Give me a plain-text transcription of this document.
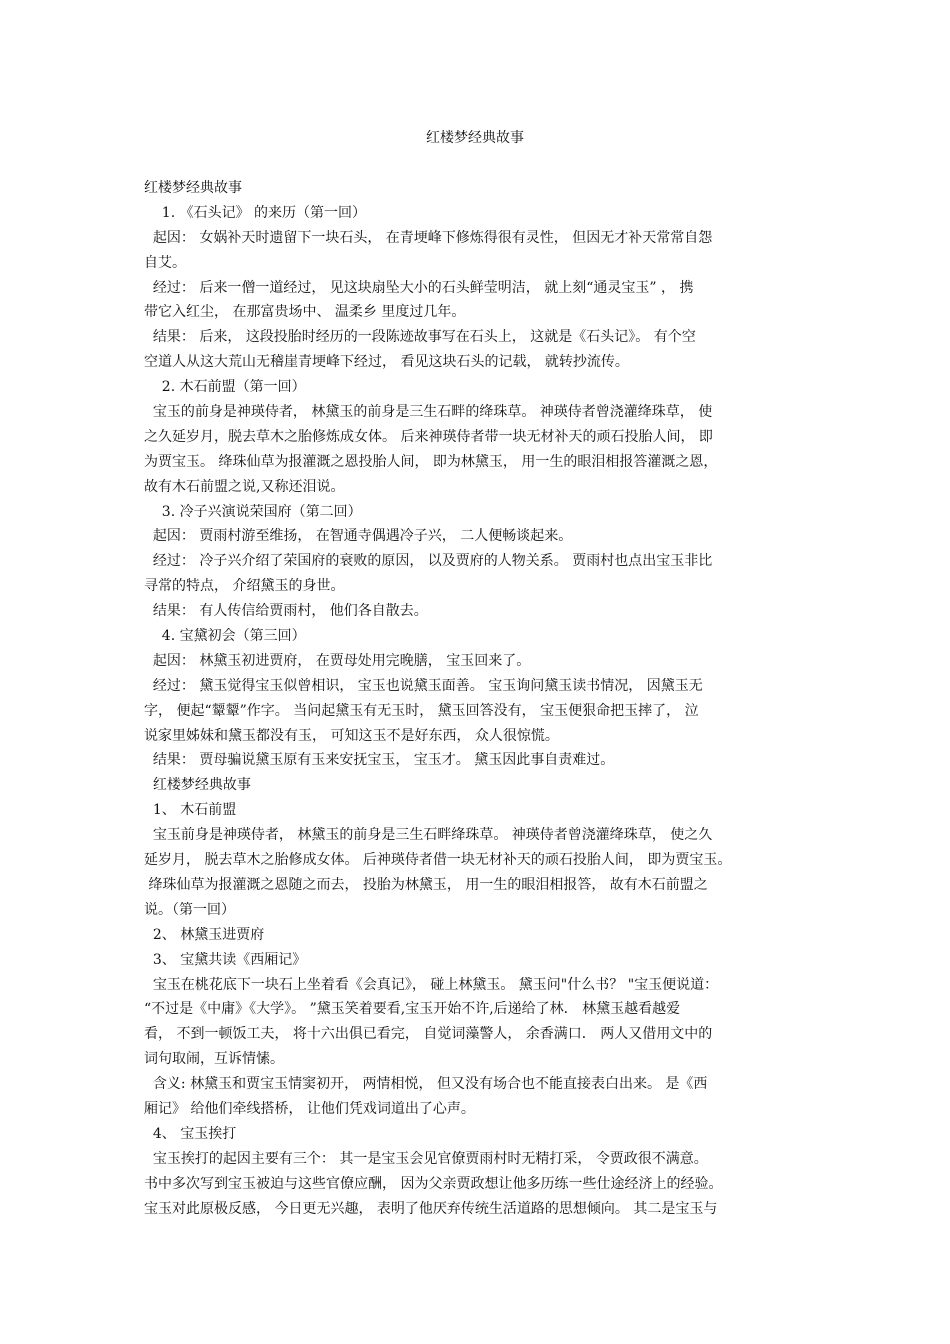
红楼梦经典故事
红楼梦经典故事
1. 《石头记》 的来历（第一回）
起因： 女娲补天时遗留下一块石头， 在青埂峰下修炼得很有灵性， 但因无才补天常常自怨
自艾。
经过： 后来一僧一道经过， 见这块扇坠大小的石头鲜莹明洁， 就上刻“通灵宝玉” ， 携
带它入红尘， 在那富贵场中、 温柔乡 里度过几年。
结果： 后来， 这段投胎时经历的一段陈迹故事写在石头上， 这就是《石头记》。 有个空
空道人从这大荒山无稽崖青埂峰下经过， 看见这块石头的记载， 就转抄流传。
2. 木石前盟（第一回）
宝玉的前身是神瑛侍者， 林黛玉的前身是三生石畔的绛珠草。 神瑛侍者曾浇灌绛珠草， 使
之久延岁月，脱去草木之胎修炼成女体。 后来神瑛侍者带一块无材补天的顽石投胎人间， 即
为贾宝玉。 绛珠仙草为报灌溉之恩投胎人间， 即为林黛玉， 用一生的眼泪相报答灌溉之恩，
故有木石前盟之说,又称还泪说。
3. 冷子兴演说荣国府（第二回）
起因： 贾雨村游至维扬， 在智通寺偶遇冷子兴， 二人便畅谈起来。
经过： 冷子兴介绍了荣国府的衰败的原因， 以及贾府的人物关系。 贾雨村也点出宝玉非比
寻常的特点， 介绍黛玉的身世。
结果： 有人传信给贾雨村， 他们各自散去。
4. 宝黛初会（第三回）
起因： 林黛玉初进贾府， 在贾母处用完晚膳， 宝玉回来了。
经过： 黛玉觉得宝玉似曾相识， 宝玉也说黛玉面善。 宝玉询问黛玉读书情况， 因黛玉无
字， 便起“颦颦”作字。 当问起黛玉有无玉时， 黛玉回答没有， 宝玉便狠命把玉摔了， 泣
说家里姊妹和黛玉都没有玉， 可知这玉不是好东西， 众人很惊慌。
结果： 贾母骗说黛玉原有玉来安抚宝玉， 宝玉才。 黛玉因此事自责难过。
红楼梦经典故事
1、 木石前盟
宝玉前身是神瑛侍者， 林黛玉的前身是三生石畔绛珠草。 神瑛侍者曾浇灌绛珠草， 使之久
延岁月， 脱去草木之胎修成女体。 后神瑛侍者借一块无材补天的顽石投胎人间， 即为贾宝玉。
绛珠仙草为报灌溉之恩随之而去， 投胎为林黛玉， 用一生的眼泪相报答， 故有木石前盟之
说。（第一回）
2、 林黛玉进贾府
3、 宝黛共读《西厢记》
宝玉在桃花底下一块石上坐着看《会真记》， 碰上林黛玉。 黛玉问"什么书？ "宝玉便说道：
“不过是《中庸》《大学》。 ”黛玉笑着要看,宝玉开始不许,后递给了林． 林黛玉越看越爱
看， 不到一顿饭工夫， 将十六出俱已看完， 自觉词藻警人， 余香满口． 两人又借用文中的
词句取闹，互诉情愫。
含义: 林黛玉和贾宝玉情窦初开， 两情相悦， 但又没有场合也不能直接表白出来。 是《西
厢记》 给他们牵线搭桥， 让他们凭戏词道出了心声。
4、 宝玉挨打
宝玉挨打的起因主要有三个： 其一是宝玉会见官僚贾雨村时无精打采， 令贾政很不满意。
书中多次写到宝玉被迫与这些官僚应酬， 因为父亲贾政想让他多历练一些仕途经济上的经验。
宝玉对此原极反感， 今日更无兴趣， 表明了他厌弃传统生活道路的思想倾向。 其二是宝玉与
